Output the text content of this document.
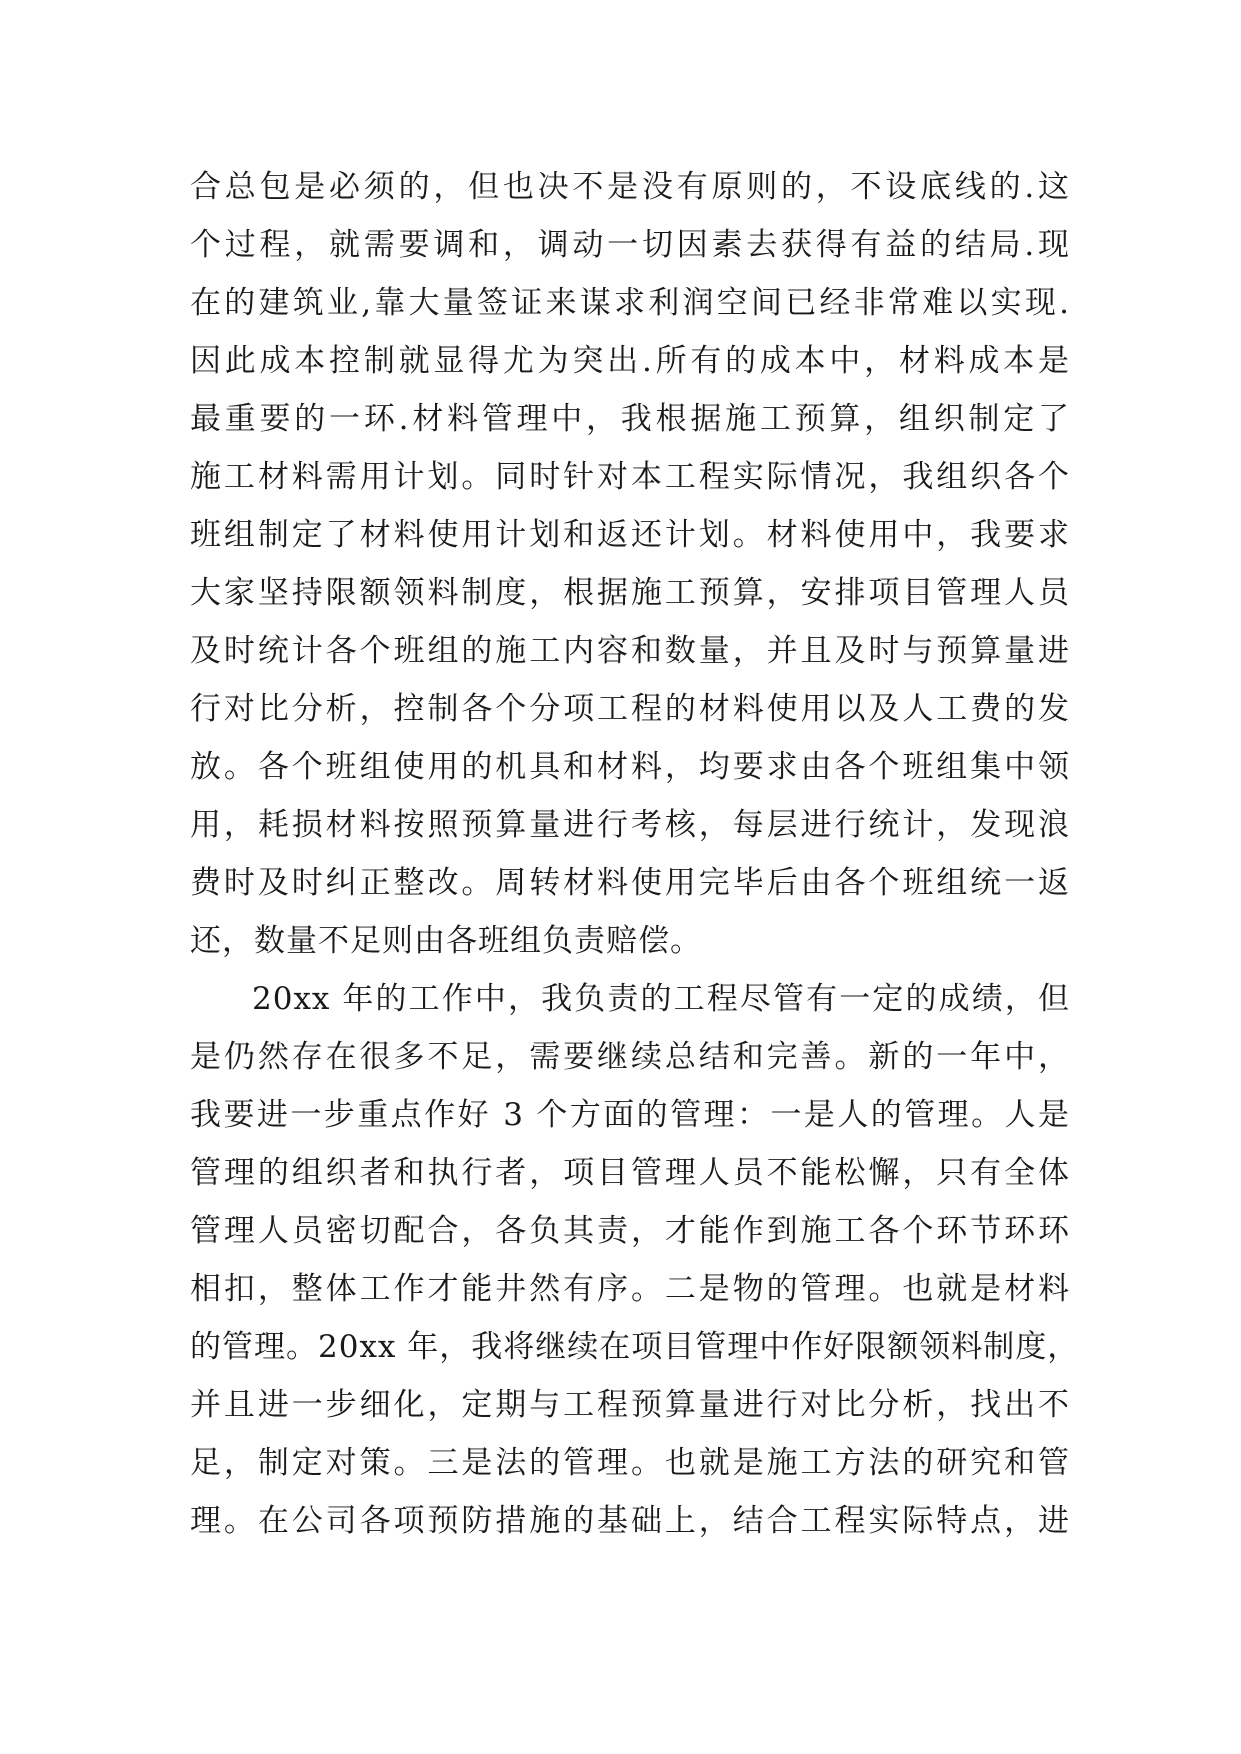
合总包是必须的，但也决不是没有原则的，不设底线的.这
个过程，就需要调和，调动一切因素去获得有益的结局.现
在的建筑业,靠大量签证来谋求利润空间已经非常难以实现.
因此成本控制就显得尤为突出.所有的成本中，材料成本是
最重要的一环.材料管理中，我根据施工预算，组织制定了
施工材料需用计划。同时针对本工程实际情况，我组织各个
班组制定了材料使用计划和返还计划。材料使用中，我要求
大家坚持限额领料制度，根据施工预算，安排项目管理人员
及时统计各个班组的施工内容和数量，并且及时与预算量进
行对比分析，控制各个分项工程的材料使用以及人工费的发
放。各个班组使用的机具和材料，均要求由各个班组集中领
用，耗损材料按照预算量进行考核，每层进行统计，发现浪
费时及时纠正整改。周转材料使用完毕后由各个班组统一返
还，数量不足则由各班组负责赔偿。
20xx 年的工作中，我负责的工程尽管有一定的成绩，但
是仍然存在很多不足，需要继续总结和完善。新的一年中，
我要进一步重点作好 3 个方面的管理：一是人的管理。人是
管理的组织者和执行者，项目管理人员不能松懈，只有全体
管理人员密切配合，各负其责，才能作到施工各个环节环环
相扣，整体工作才能井然有序。二是物的管理。也就是材料
的管理。20xx 年，我将继续在项目管理中作好限额领料制度，
并且进一步细化，定期与工程预算量进行对比分析，找出不
足，制定对策。三是法的管理。也就是施工方法的研究和管
理。在公司各项预防措施的基础上，结合工程实际特点，进
